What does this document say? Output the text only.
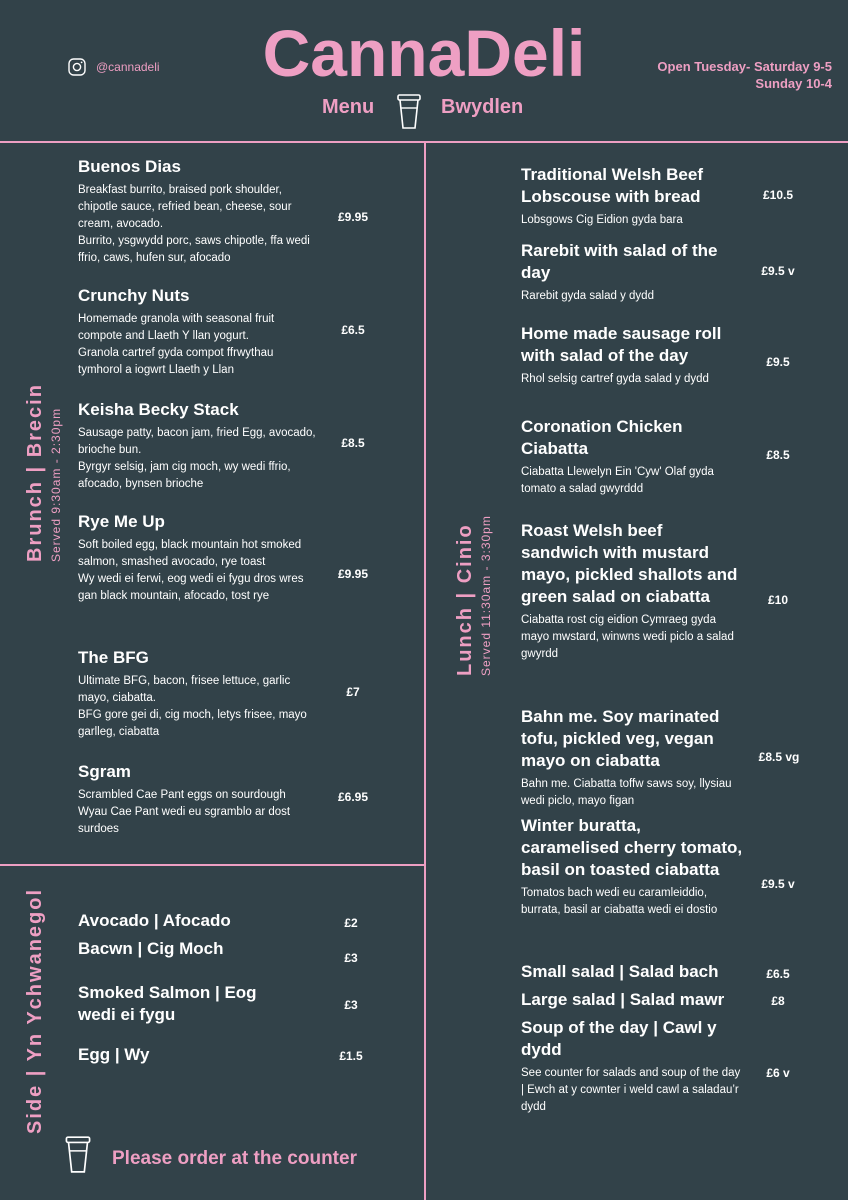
@cannadeli	CannaDeli
Menu	Bwydlen
Open Tuesday- Saturday 9-5
Sunday 10-4
Brunch | Brecin Served 9:30am - 2:30pm
Buenos Dias
Breakfast burrito, braised pork shoulder, chipotle sauce, refried bean, cheese, sour cream, avocado.
Burrito, ysgwydd porc, saws chipotle, ffa wedi ffrio, caws, hufen sur, afocado
£9.95
Crunchy Nuts
Homemade granola with seasonal fruit compote and Llaeth Y llan yogurt.
Granola cartref gyda compot ffrwythau tymhorol a iogwrt Llaeth y Llan
£6.5
Keisha Becky Stack
Sausage patty, bacon jam, fried Egg, avocado, brioche bun.
Byrgyr selsig, jam cig moch, wy wedi ffrio, afocado, bynsen brioche
£8.5
Rye Me Up
Soft boiled egg, black mountain hot smoked salmon, smashed avocado, rye toast
Wy wedi ei ferwi, eog wedi ei fygu dros wres gan black mountain, afocado, tost rye
£9.95
The BFG
Ultimate BFG, bacon, frisee lettuce, garlic mayo, ciabatta.
BFG gore gei di, cig moch, letys frisee, mayo garlleg, ciabatta
£7
Sgram
Scrambled Cae Pant eggs on sourdough
Wyau Cae Pant wedi eu sgramblo ar dost surdoes
£6.95
Side | Yn Ychwanegol Avocado | Afocado	£2
Bacwn | Cig Moch	£3
Smoked Salmon | Eog wedi ei fygu	£3
Egg | Wy	£1.5
Please order at the counter
Lunch | Cinio Served 11:30am - 3:30pm
Traditional Welsh Beef Lobscouse with bread
Lobsgows Cig Eidion gyda bara
£10.5
Rarebit with salad of the day
Rarebit gyda salad y dydd
£9.5 v
Home made sausage roll with salad of the day
Rhol selsig cartref gyda salad y dydd
£9.5
Coronation Chicken Ciabatta
Ciabatta Llewelyn Ein 'Cyw' Olaf gyda tomato a salad gwyrddd
£8.5
Roast Welsh beef sandwich with mustard mayo, pickled shallots and green salad on ciabatta
Ciabatta rost cig eidion Cymraeg gyda mayo mwstard, winwns wedi piclo a salad gwyrdd
£10
Bahn me. Soy marinated tofu, pickled veg, vegan mayo on ciabatta
Bahn me. Ciabatta toffw saws soy, llysiau wedi piclo, mayo figan
£8.5 vg
Winter buratta, caramelised cherry tomato, basil on toasted ciabatta
Tomatos bach wedi eu caramleiddio, burrata, basil ar ciabatta wedi ei dostio
£9.5 v
Small salad | Salad bach	£6.5
Large salad | Salad mawr	£8
Soup of the day | Cawl y dydd
See counter for salads and soup of the day | Ewch at y cownter i weld cawl a saladau’r dydd
£6 v
